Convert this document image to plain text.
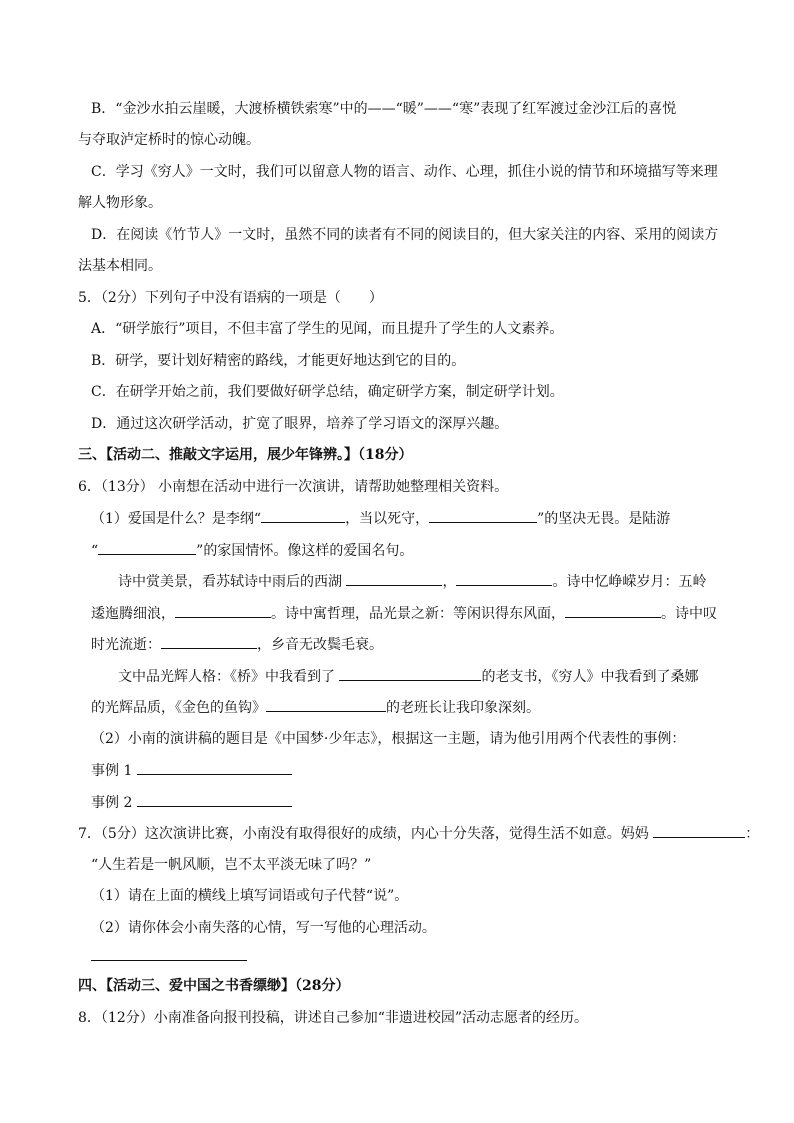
B．“金沙水拍云崖暖，大渡桥横铁索寒”中的——“暖”——“寒”表现了红军渡过金沙江后的喜悦
与夺取泸定桥时的惊心动魄。
C．学习《穷人》一文时，我们可以留意人物的语言、动作、心理，抓住小说的情节和环境描写等来理
解人物形象。
D．在阅读《竹节人》一文时，虽然不同的读者有不同的阅读目的，但大家关注的内容、采用的阅读方
法基本相同。
5．（2分）下列句子中没有语病的一项是（　　）
A．“研学旅行”项目，不但丰富了学生的见闻，而且提升了学生的人文素养。
B．研学，要计划好精密的路线，才能更好地达到它的目的。
C．在研学开始之前，我们要做好研学总结，确定研学方案，制定研学计划。
D．通过这次研学活动，扩宽了眼界，培养了学习语文的深厚兴趣。
三、【活动二、推敲文字运用，展少年锋辨。】（18分）
6．（13分） 小南想在活动中进行一次演讲，请帮助她整理相关资料。
（1）爱国是什么？是李纲“	，当以死守，	”的坚决无畏。是陆游
“	”的家国情怀。像这样的爱国名句。
诗中赏美景，看苏轼诗中雨后的西湖	，	。诗中忆峥嵘岁月：五岭
逶迤腾细浪，	。诗中寓哲理，品光景之新：等闲识得东风面，	。诗中叹
时光流逝：	，乡音无改鬓毛衰。
文中品光辉人格：《桥》中我看到了	的老支书，《穷人》中我看到了桑娜
的光辉品质，《金色的鱼钩》	的老班长让我印象深刻。
（2）小南的演讲稿的题目是《中国梦·少年志》，根据这一主题，请为他引用两个代表性的事例：
事例 1
事例 2
7．（5分）这次演讲比赛，小南没有取得很好的成绩，内心十分失落，觉得生活不如意。妈妈	：
“人生若是一帆风顺，岂不太平淡无味了吗？”
（1）请在上面的横线上填写词语或句子代替“说”。
（2）请你体会小南失落的心情，写一写他的心理活动。
四、【活动三、爱中国之书香缥缈】（28分）
8．（12分）小南准备向报刊投稿，讲述自己参加“非遗进校园”活动志愿者的经历。
